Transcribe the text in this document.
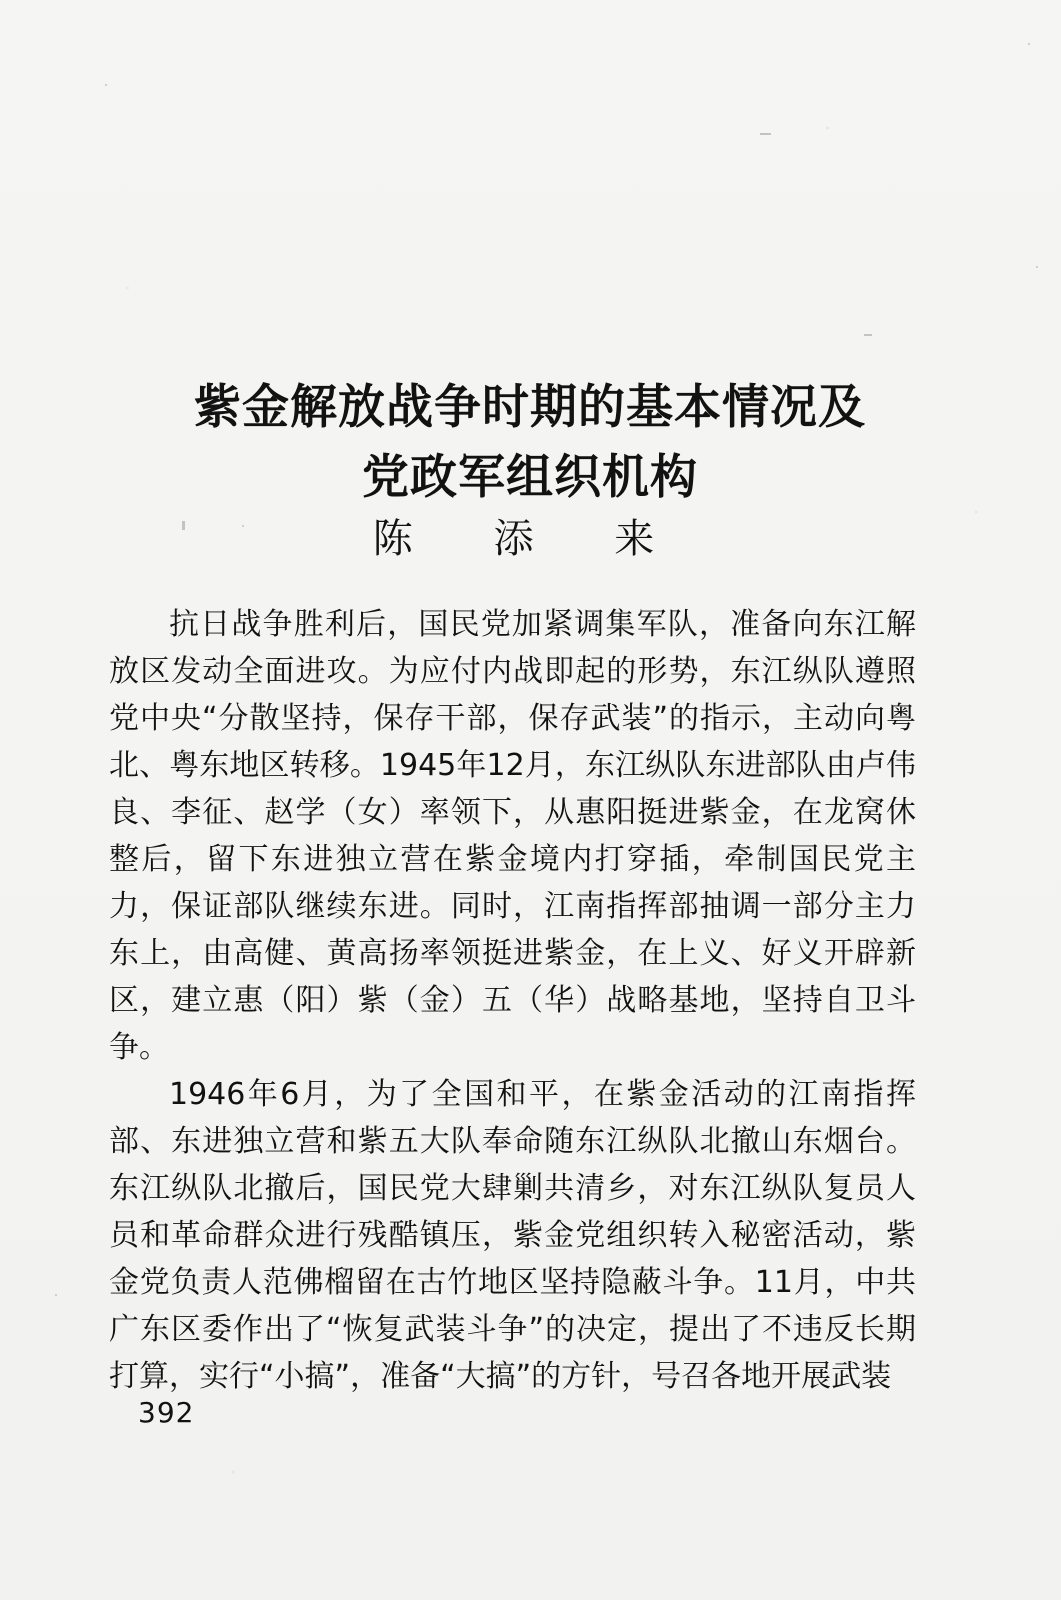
紫金解放战争时期的基本情况及
党政军组织机构
陈 添 来

抗日战争胜利后，国民党加紧调集军队，准备向东江解放区发动全面进攻。为应付内战即起的形势，东江纵队遵照党中央“分散坚持，保存干部，保存武装”的指示，主动向粤北、粤东地区转移。1945年12月，东江纵队东进部队由卢伟良、李征、赵学（女）率领下，从惠阳挺进紫金，在龙窝休整后，留下东进独立营在紫金境内打穿插，牵制国民党主力，保证部队继续东进。同时，江南指挥部抽调一部分主力东上，由高健、黄高扬率领挺进紫金，在上义、好义开辟新区，建立惠（阳）紫（金）五（华）战略基地，坚持自卫斗争。

1946年6月，为了全国和平，在紫金活动的江南指挥部、东进独立营和紫五大队奉命随东江纵队北撤山东烟台。东江纵队北撤后，国民党大肆剿共清乡，对东江纵队复员人员和革命群众进行残酷镇压，紫金党组织转入秘密活动，紫金党负责人范佛榴留在古竹地区坚持隐蔽斗争。11月，中共广东区委作出了“恢复武装斗争”的决定，提出了不违反长期打算，实行“小搞”，准备“大搞”的方针，号召各地开展武装

392
